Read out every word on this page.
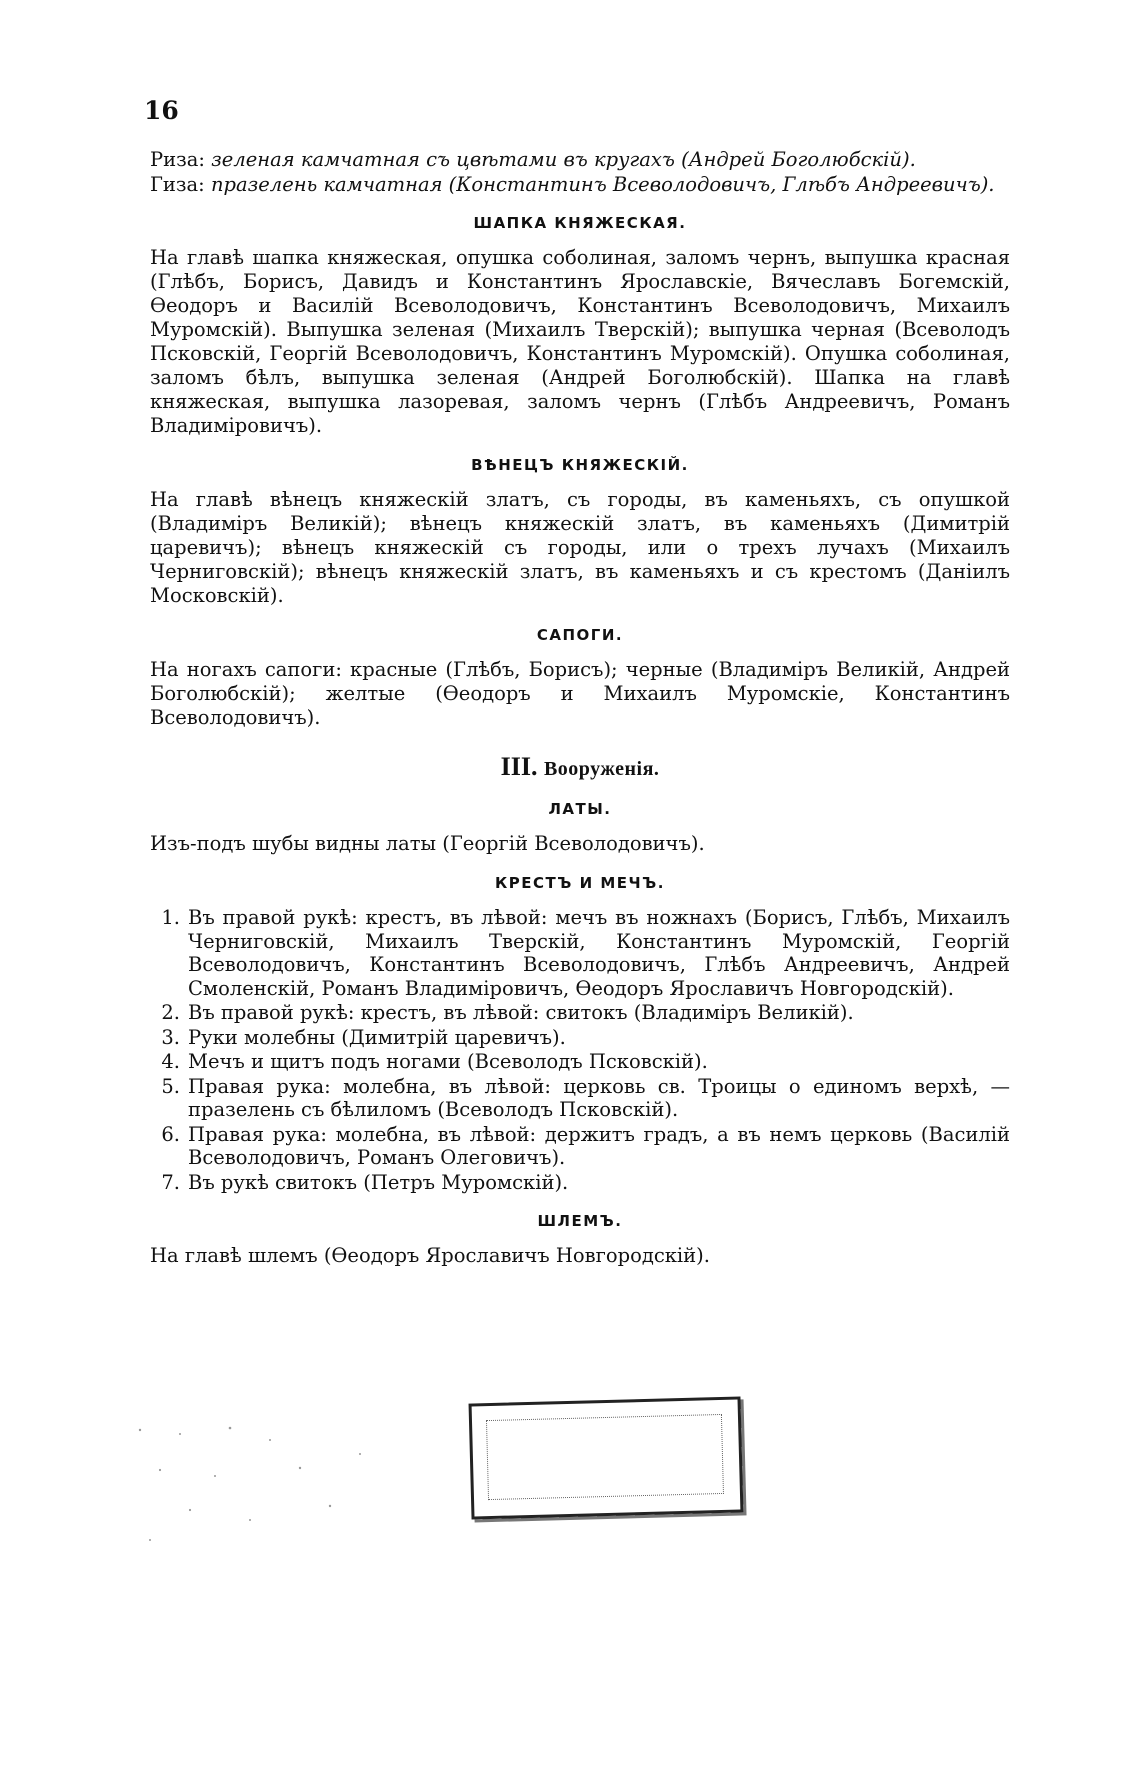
16

Риза: зеленая камчатная съ цвѣтами въ кругахъ (Андрей Боголюбскій).

Гиза: празелень камчатная (Константинъ Всеволодовичъ, Глѣбъ Андреевичъ).

ШАПКА КНЯЖЕСКАЯ.

На главѣ шапка княжеская, опушка соболиная, заломъ чернъ, выпушка красная (Глѣбъ, Борисъ, Давидъ и Константинъ Ярославскіе, Вячеславъ Богемскій, Ѳеодоръ и Василій Всеволодовичъ, Константинъ Всеволодовичъ, Михаилъ Муромскій). Выпушка зеленая (Михаилъ Тверскій); выпушка черная (Всеволодъ Псковскій, Георгій Всеволодовичъ, Константинъ Муромскій). Опушка соболиная, заломъ бѣлъ, выпушка зеленая (Андрей Боголюбскій). Шапка на главѣ княжеская, выпушка лазоревая, заломъ чернъ (Глѣбъ Андреевичъ, Романъ Владиміровичъ).

ВѢНЕЦЪ КНЯЖЕСКІЙ.

На главѣ вѣнецъ княжескій златъ, съ городы, въ каменьяхъ, съ опушкой (Владиміръ Великій); вѣнецъ княжескій златъ, въ каменьяхъ (Димитрій царевичъ); вѣнецъ княжескій съ городы, или о трехъ лучахъ (Михаилъ Черниговскій); вѣнецъ княжескій златъ, въ каменьяхъ и съ крестомъ (Даніилъ Московскій).

САПОГИ.

На ногахъ сапоги: красные (Глѣбъ, Борисъ); черные (Владиміръ Великій, Андрей Боголюбскій); желтые (Ѳеодоръ и Михаилъ Муромскіе, Константинъ Всеволодовичъ).

III. Вооруженія.
ЛАТЫ.

Изъ-подъ шубы видны латы (Георгій Всеволодовичъ).

КРЕСТЪ И МЕЧЪ.
1. Въ правой рукѣ: крестъ, въ лѣвой: мечъ въ ножнахъ (Борисъ, Глѣбъ, Михаилъ Черниговскій, Михаилъ Тверскій, Константинъ Муромскій, Георгій Всеволодовичъ, Константинъ Всеволодовичъ, Глѣбъ Андреевичъ, Андрей Смоленскій, Романъ Владиміровичъ, Ѳеодоръ Ярославичъ Новгородскій).
2. Въ правой рукѣ: крестъ, въ лѣвой: свитокъ (Владиміръ Великій).
3. Руки молебны (Димитрій царевичъ).
4. Мечъ и щитъ подъ ногами (Всеволодъ Псковскій).
5. Правая рука: молебна, въ лѣвой: церковь св. Троицы о единомъ верхѣ, — празелень съ бѣлиломъ (Всеволодъ Псковскій).
6. Правая рука: молебна, въ лѣвой: держитъ градъ, а въ немъ церковь (Василій Всеволодовичъ, Романъ Олеговичъ).
7. Въ рукѣ свитокъ (Петръ Муромскій).
ШЛЕМЪ.

На главѣ шлемъ (Ѳеодоръ Ярославичъ Новгородскій).
